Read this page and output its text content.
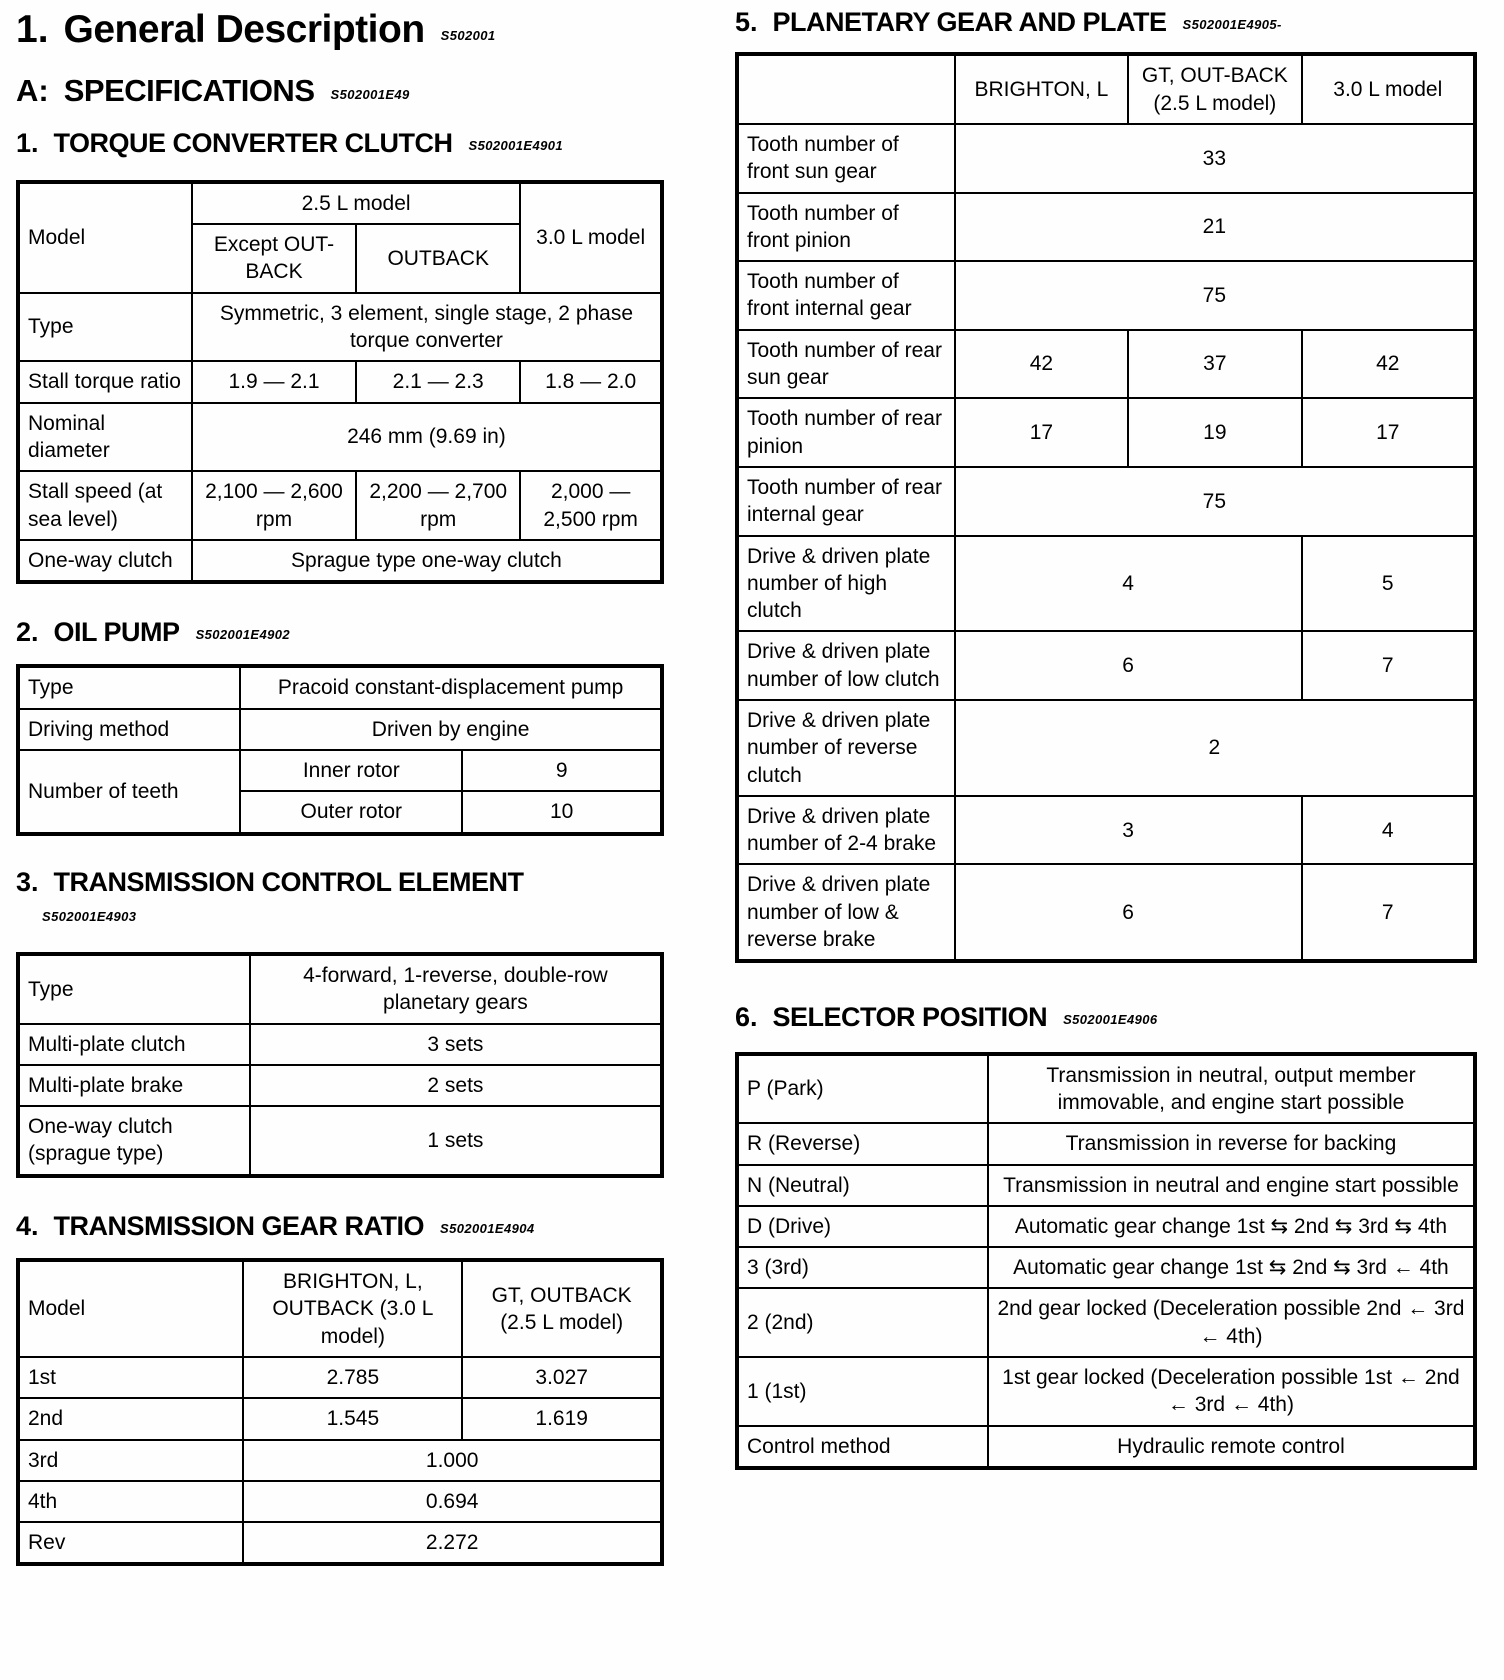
1. General Description S502001
A: SPECIFICATIONS S502001E49
1. TORQUE CONVERTER CLUTCH S502001E4901
Model	2.5 L model		3.0 L model
	Except OUT-BACK	OUTBACK	
Type	Symmetric, 3 element, single stage, 2 phase torque converter		
Stall torque ratio	1.9 — 2.1	2.1 — 2.3	1.8 — 2.0
Nominal diameter	246 mm (9.69 in)		
Stall speed (at sea level)	2,100 — 2,600 rpm	2,200 — 2,700 rpm	2,000 — 2,500 rpm
One-way clutch	Sprague type one-way clutch		
2. OIL PUMP S502001E4902
Type	Pracoid constant-displacement pump	
Driving method	Driven by engine	
Number of teeth	Inner rotor	9
	Outer rotor	10
3. TRANSMISSION CONTROL ELEMENT
S502001E4903
Type	4-forward, 1-reverse, double-row planetary gears
Multi-plate clutch	3 sets
Multi-plate brake	2 sets
One-way clutch (sprague type)	1 sets
4. TRANSMISSION GEAR RATIO S502001E4904
Model	BRIGHTON, L, OUTBACK (3.0 L model)	GT, OUTBACK (2.5 L model)
1st	2.785	3.027
2nd	1.545	1.619
3rd	1.000	
4th	0.694	
Rev	2.272	
5. PLANETARY GEAR AND PLATE S502001E4905-
	BRIGHTON, L	GT, OUT-BACK (2.5 L model)	3.0 L model
Tooth number of front sun gear	33		
Tooth number of front pinion	21		
Tooth number of front internal gear	75		
Tooth number of rear sun gear	42	37	42
Tooth number of rear pinion	17	19	17
Tooth number of rear internal gear	75		
Drive & driven plate number of high clutch	4		5
Drive & driven plate number of low clutch	6		7
Drive & driven plate number of reverse clutch	2		
Drive & driven plate number of 2-4 brake	3		4
Drive & driven plate number of low & reverse brake	6		7
6. SELECTOR POSITION S502001E4906
P (Park)	Transmission in neutral, output member immovable, and engine start possible
R (Reverse)	Transmission in reverse for backing
N (Neutral)	Transmission in neutral and engine start possible
D (Drive)	Automatic gear change 1st ⇆ 2nd ⇆ 3rd ⇆ 4th
3 (3rd)	Automatic gear change 1st ⇆ 2nd ⇆ 3rd ← 4th
2 (2nd)	2nd gear locked (Deceleration possible 2nd ← 3rd ← 4th)
1 (1st)	1st gear locked (Deceleration possible 1st ← 2nd ← 3rd ← 4th)
Control method	Hydraulic remote control
